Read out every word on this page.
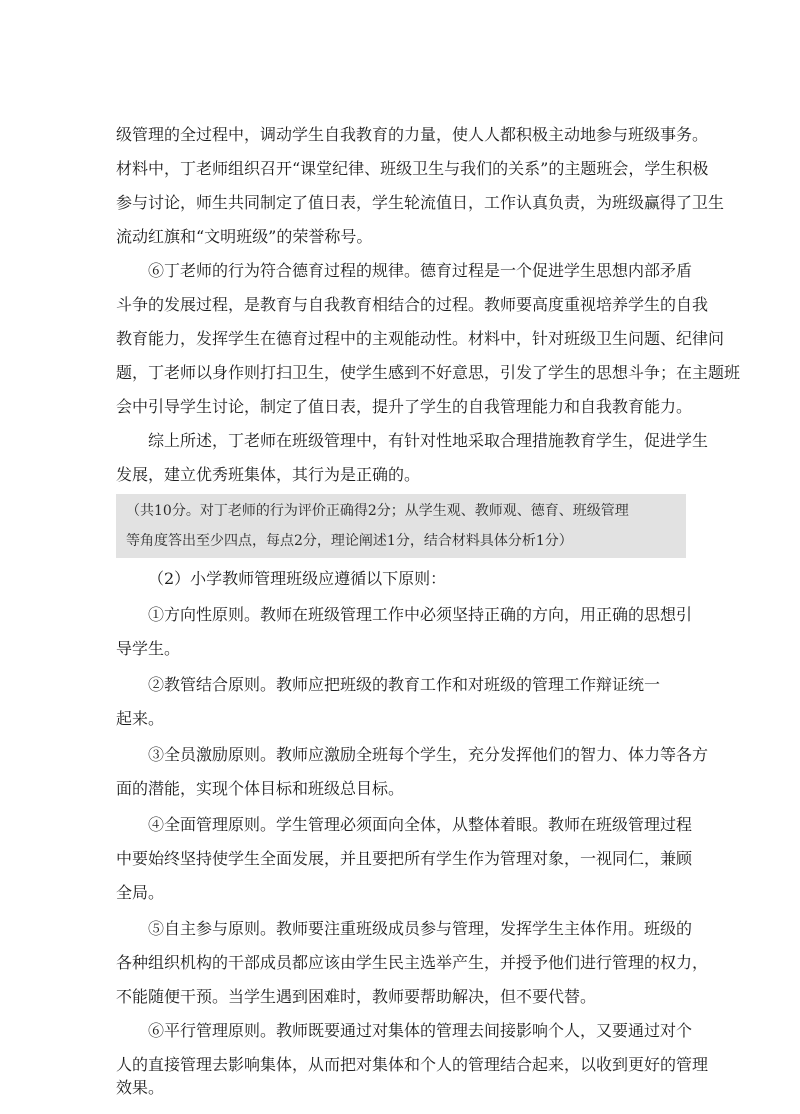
级管理的全过程中，调动学生自我教育的力量，使人人都积极主动地参与班级事务。
材料中，丁老师组织召开“课堂纪律、班级卫生与我们的关系”的主题班会，学生积极
参与讨论，师生共同制定了值日表，学生轮流值日，工作认真负责，为班级赢得了卫生
流动红旗和“文明班级”的荣誉称号。
⑥丁老师的行为符合德育过程的规律。德育过程是一个促进学生思想内部矛盾
斗争的发展过程，是教育与自我教育相结合的过程。教师要高度重视培养学生的自我
教育能力，发挥学生在德育过程中的主观能动性。材料中，针对班级卫生问题、纪律问
题，丁老师以身作则打扫卫生，使学生感到不好意思，引发了学生的思想斗争；在主题班
会中引导学生讨论，制定了值日表，提升了学生的自我管理能力和自我教育能力。
综上所述，丁老师在班级管理中，有针对性地采取合理措施教育学生，促进学生
发展，建立优秀班集体，其行为是正确的。
（共10分。对丁老师的行为评价正确得2分；从学生观、教师观、德育、班级管理
等角度答出至少四点，每点2分，理论阐述1分，结合材料具体分析1分）
（2）小学教师管理班级应遵循以下原则：
①方向性原则。教师在班级管理工作中必须坚持正确的方向，用正确的思想引
导学生。
②教管结合原则。教师应把班级的教育工作和对班级的管理工作辩证统一
起来。
③全员激励原则。教师应激励全班每个学生，充分发挥他们的智力、体力等各方
面的潜能，实现个体目标和班级总目标。
④全面管理原则。学生管理必须面向全体，从整体着眼。教师在班级管理过程
中要始终坚持使学生全面发展，并且要把所有学生作为管理对象，一视同仁，兼顾
全局。
⑤自主参与原则。教师要注重班级成员参与管理，发挥学生主体作用。班级的
各种组织机构的干部成员都应该由学生民主选举产生，并授予他们进行管理的权力，
不能随便干预。当学生遇到困难时，教师要帮助解决，但不要代替。
⑥平行管理原则。教师既要通过对集体的管理去间接影响个人，又要通过对个
人的直接管理去影响集体，从而把对集体和个人的管理结合起来，以收到更好的管理
效果。
